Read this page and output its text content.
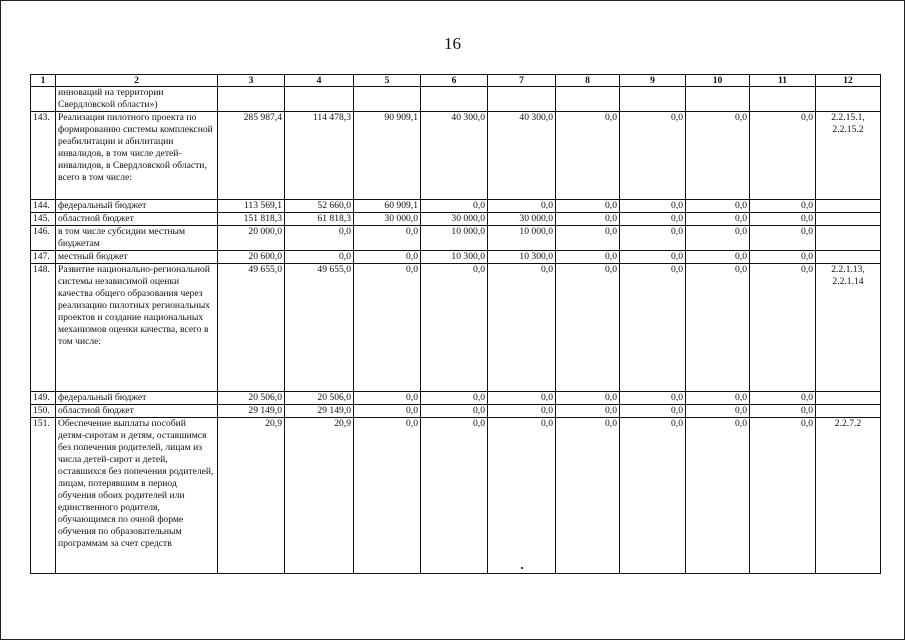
16
1	2	3	4	5	6	7	8	9	10	11	12
	инноваций на территории Свердловской области»)										
143.	Реализация пилотного проекта по формированию системы комплексной реабилитации и абилитации инвалидов, в том числе детей-инвалидов, в Свердловской области, всего в том числе:	285 987,4	114 478,3	90 909,1	40 300,0	40 300,0	0,0	0,0	0,0	0,0	2.2.15.1, 2.2.15.2
144.	федеральный бюджет	113 569,1	52 660,0	60 909,1	0,0	0,0	0,0	0,0	0,0	0,0	
145.	областной бюджет	151 818,3	61 818,3	30 000,0	30 000,0	30 000,0	0,0	0,0	0,0	0,0	
146.	в том числе субсидии местным бюджетам	20 000,0	0,0	0,0	10 000,0	10 000,0	0,0	0,0	0,0	0,0	
147.	местный бюджет	20 600,0	0,0	0,0	10 300,0	10 300,0	0,0	0,0	0,0	0,0	
148.	Развитие национально-региональной системы независимой оценки качества общего образования через реализацию пилотных региональных проектов и создание национальных механизмов оценки качества, всего в том числе:	49 655,0	49 655,0	0,0	0,0	0,0	0,0	0,0	0,0	0,0	2.2.1.13, 2.2.1.14
149.	федеральный бюджет	20 506,0	20 506,0	0,0	0,0	0,0	0,0	0,0	0,0	0,0	
150.	областной бюджет	29 149,0	29 149,0	0,0	0,0	0,0	0,0	0,0	0,0	0,0	
151.	Обеспечение выплаты пособий детям-сиротам и детям, оставшимся без попечения родителей, лицам из числа детей-сирот и детей, оставшихся без попечения родителей, лицам, потерявшим в период обучения обоих родителей или единственного родителя, обучающимся по очной форме обучения по образовательным программам за счет средств	20,9	20,9	0,0	0,0	0,0	0,0	0,0	0,0	0,0	2.2.7.2
